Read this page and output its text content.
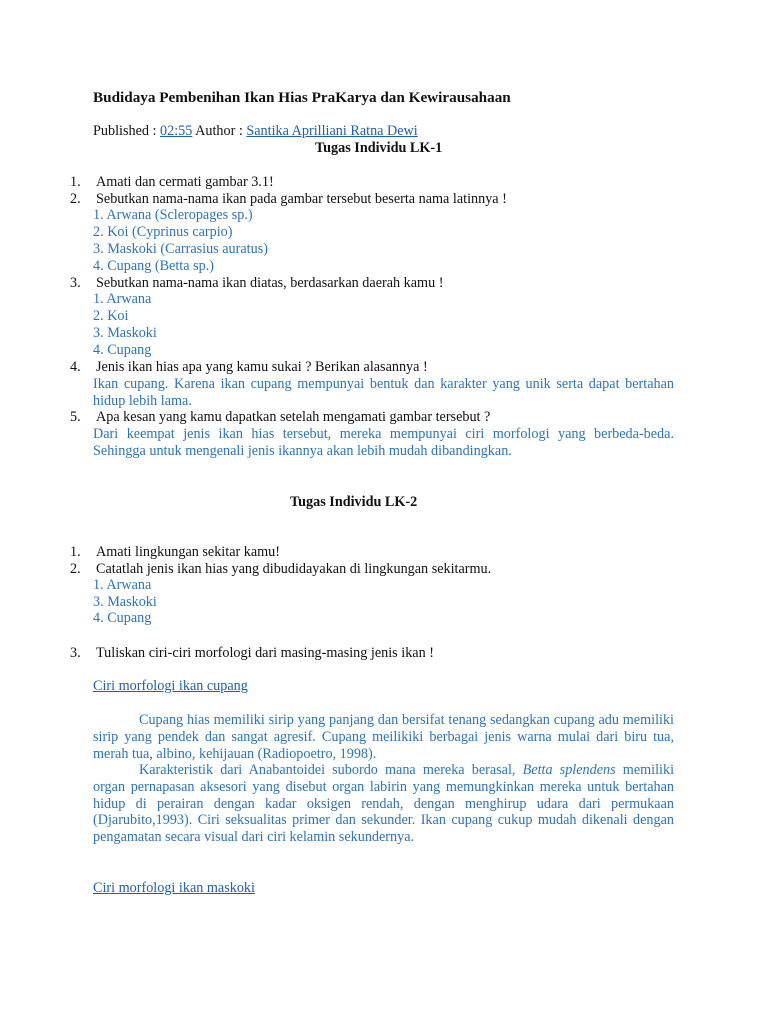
Budidaya Pembenihan Ikan Hias PraKarya dan Kewirausahaan
Published : 02:55 Author : Santika Aprilliani Ratna Dewi
Tugas Individu LK-1
1. Amati dan cermati gambar 3.1!
2. Sebutkan nama-nama ikan pada gambar tersebut beserta nama latinnya !
1. Arwana (Scleropages sp.)
2. Koi (Cyprinus carpio)
3. Maskoki (Carrasius auratus)
4. Cupang (Betta sp.)
3. Sebutkan nama-nama ikan diatas, berdasarkan daerah kamu !
1. Arwana
2. Koi
3. Maskoki
4. Cupang
4. Jenis ikan hias apa yang kamu sukai ? Berikan alasannya !
Ikan cupang. Karena ikan cupang mempunyai bentuk dan karakter yang unik serta dapat bertahan hidup lebih lama.
5. Apa kesan yang kamu dapatkan setelah mengamati gambar tersebut ?
Dari keempat jenis ikan hias tersebut, mereka mempunyai ciri morfologi yang berbeda-beda. Sehingga untuk mengenali jenis ikannya akan lebih mudah dibandingkan.
Tugas Individu LK-2
1. Amati lingkungan sekitar kamu!
2. Catatlah jenis ikan hias yang dibudidayakan di lingkungan sekitarmu.
1. Arwana
3. Maskoki
4. Cupang
3. Tuliskan ciri-ciri morfologi dari masing-masing jenis ikan !
Ciri morfologi ikan cupang
Cupang hias memiliki sirip yang panjang dan bersifat tenang sedangkan cupang adu memiliki sirip yang pendek dan sangat agresif. Cupang meilikiki berbagai jenis warna mulai dari biru tua, merah tua, albino, kehijauan (Radiopoetro, 1998).
Karakteristik dari Anabantoidei subordo mana mereka berasal, Betta splendens memiliki organ pernapasan aksesori yang disebut organ labirin yang memungkinkan mereka untuk bertahan hidup di perairan dengan kadar oksigen rendah, dengan menghirup udara dari permukaan (Djarubito,1993). Ciri seksualitas primer dan sekunder. Ikan cupang cukup mudah dikenali dengan pengamatan secara visual dari ciri kelamin sekundernya.
Ciri morfologi ikan maskoki
